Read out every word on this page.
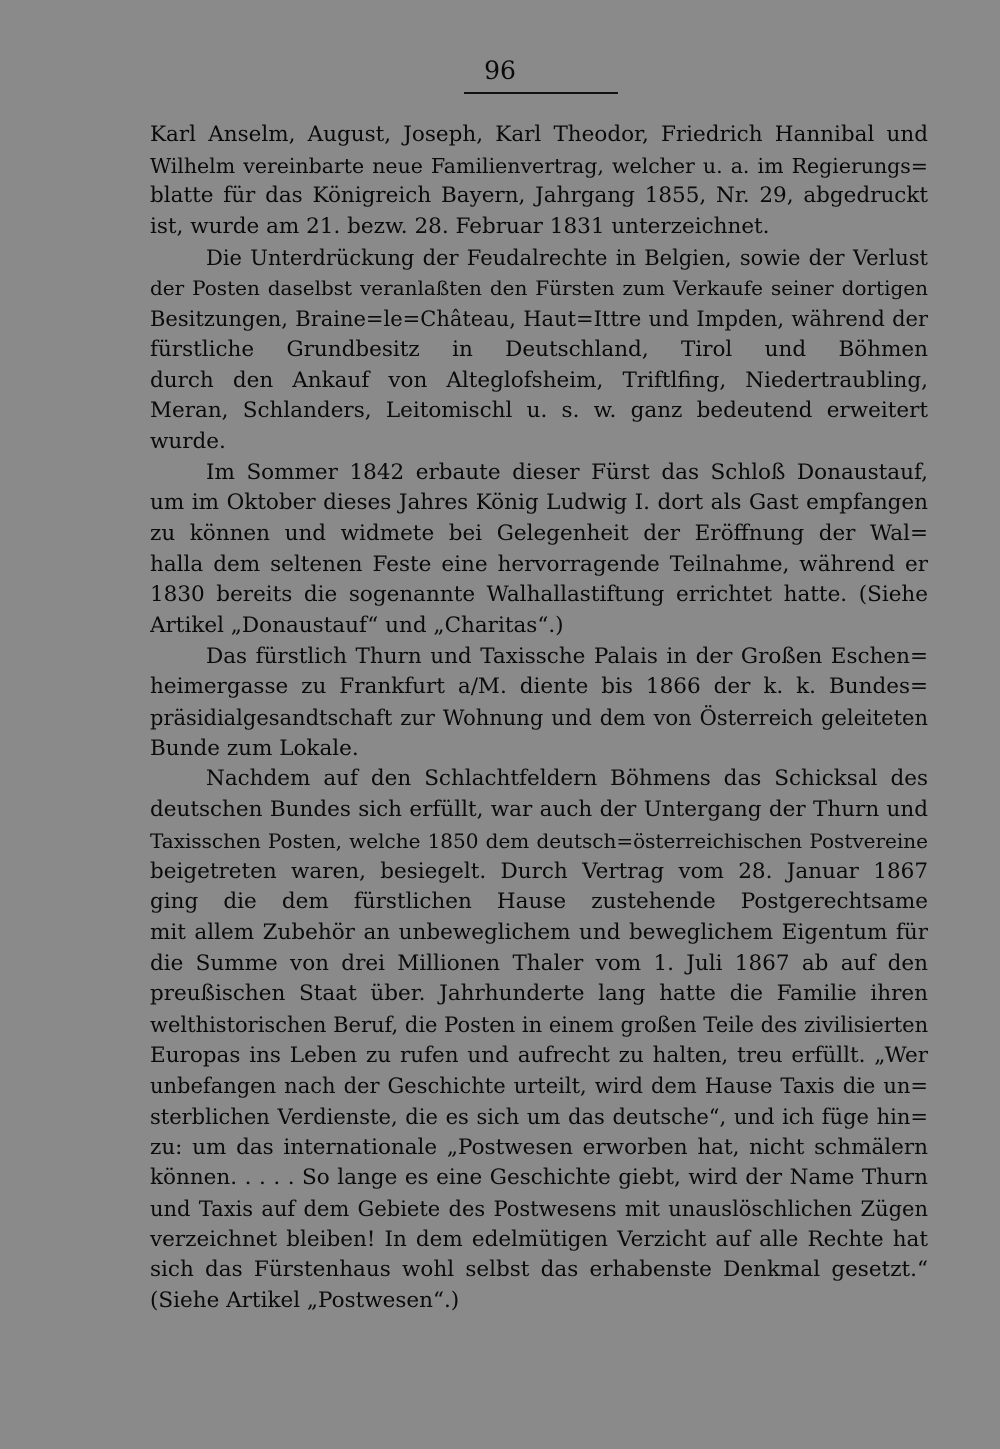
96
Karl Anselm, August, Joseph, Karl Theodor, Friedrich Hannibal und
Wilhelm vereinbarte neue Familienvertrag, welcher u. a. im Regierungs=
blatte für das Königreich Bayern, Jahrgang 1855, Nr. 29, abgedruckt
ist, wurde am 21. bezw. 28. Februar 1831 unterzeichnet.
Die Unterdrückung der Feudalrechte in Belgien, sowie der Verlust
der Posten daselbst veranlaßten den Fürsten zum Verkaufe seiner dortigen
Besitzungen, Braine=le=Château, Haut=Ittre und Impden, während der
fürstliche Grundbesitz in Deutschland, Tirol und Böhmen
durch den Ankauf von Alteglofsheim, Triftlfing, Niedertraubling,
Meran, Schlanders, Leitomischl u. s. w. ganz bedeutend erweitert
wurde.
Im Sommer 1842 erbaute dieser Fürst das Schloß Donaustauf,
um im Oktober dieses Jahres König Ludwig I. dort als Gast empfangen
zu können und widmete bei Gelegenheit der Eröffnung der Wal=
halla dem seltenen Feste eine hervorragende Teilnahme, während er
1830 bereits die sogenannte Walhallastiftung errichtet hatte. (Siehe
Artikel „Donaustauf“ und „Charitas“.)
Das fürstlich Thurn und Taxissche Palais in der Großen Eschen=
heimergasse zu Frankfurt a/M. diente bis 1866 der k. k. Bundes=
präsidialgesandtschaft zur Wohnung und dem von Österreich geleiteten
Bunde zum Lokale.
Nachdem auf den Schlachtfeldern Böhmens das Schicksal des
deutschen Bundes sich erfüllt, war auch der Untergang der Thurn und
Taxisschen Posten, welche 1850 dem deutsch=österreichischen Postvereine
beigetreten waren, besiegelt. Durch Vertrag vom 28. Januar 1867
ging die dem fürstlichen Hause zustehende Postgerechtsame
mit allem Zubehör an unbeweglichem und beweglichem Eigentum für
die Summe von drei Millionen Thaler vom 1. Juli 1867 ab auf den
preußischen Staat über. Jahrhunderte lang hatte die Familie ihren
welthistorischen Beruf, die Posten in einem großen Teile des zivilisierten
Europas ins Leben zu rufen und aufrecht zu halten, treu erfüllt. „Wer
unbefangen nach der Geschichte urteilt, wird dem Hause Taxis die un=
sterblichen Verdienste, die es sich um das deutsche“, und ich füge hin=
zu: um das internationale „Postwesen erworben hat, nicht schmälern
können. . . . . So lange es eine Geschichte giebt, wird der Name Thurn
und Taxis auf dem Gebiete des Postwesens mit unauslöschlichen Zügen
verzeichnet bleiben! In dem edelmütigen Verzicht auf alle Rechte hat
sich das Fürstenhaus wohl selbst das erhabenste Denkmal gesetzt.“
(Siehe Artikel „Postwesen“.)
